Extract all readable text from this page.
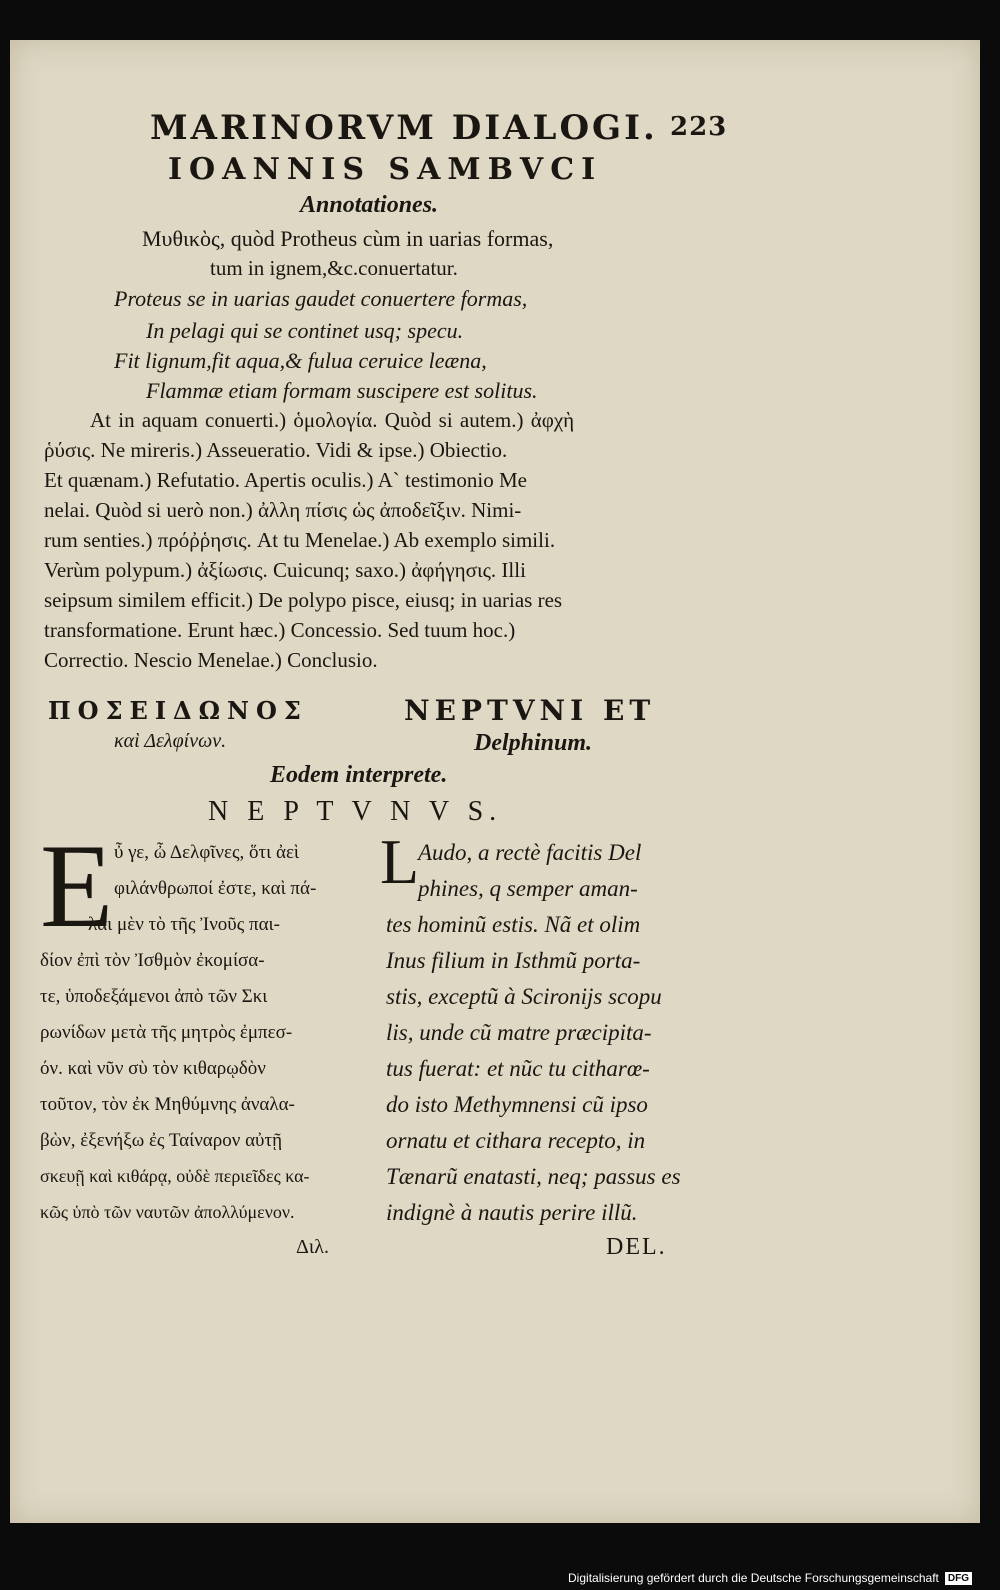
MARINORVM DIALOGI. 223
IOANNIS SAMBVCI
Annotationes.
Μυθικὸς, quòd Protheus cùm in uarias formas,
tum in ignem,&c.conuertatur.
Proteus se in uarias gaudet conuertere formas,
In pelagi qui se continet usq; specu.
Fit lignum,fit aqua,& fulua ceruice leæna,
Flammæ etiam formam suscipere est solitus.
At in aquam conuerti.) ὁμολογία. Quòd si autem.) ἀφχὴ
ῥύσις. Ne mireris.) Asseueratio. Vidi & ipse.) Obiectio.
Et quænam.) Refutatio. Apertis oculis.) A` testimonio Me
nelai. Quòd si uerò non.) ἀλλη πίσις ὡς ἀποδεῖξιν. Nimi-
rum senties.) πρόῤῥησις. At tu Menelae.) Ab exemplo simili.
Verùm polypum.) ἀξίωσις. Cuicunq; saxo.) ἀφήγησις. Illi
seipsum similem efficit.) De polypo pisce, eiusq; in uarias res
transformatione. Erunt hæc.) Concessio. Sed tuum hoc.)
Correctio. Nescio Menelae.) Conclusio.
ΠΟΣΕΙΔΩΝΟΣ
καὶ Δελφίνων.
NEPTVNI ET
Delphinum.
Eodem interprete.
N E P T V N V S.
E ὖ γε, ὦ Δελφῖνες, ὅτι ἀεὶ
φιλάνθρωποί ἐστε, καὶ πά-
λαι μὲν τὸ τῆς Ἰνοῦς παι-
δίον ἐπὶ τὸν Ἰσθμὸν ἐκομίσα-
τε, ὑποδεξάμενοι ἀπὸ τῶν Σκι
ρωνίδων μετὰ τῆς μητρὸς ἐμπεσ-
όν. καὶ νῦν σὺ τὸν κιθαρῳδὸν
τοῦτον, τὸν ἐκ Μηθύμνης ἀναλα-
βὼν, ἐξενήξω ἐς Ταίναρον αὐτῇ
σκευῇ καὶ κιθάρᾳ, οὐδὲ περιεῖδες κα-
κῶς ὑπὸ τῶν ναυτῶν ἀπολλύμενον.
Διλ.
L
Audo, a rectè facitis Del
phines, q semper aman-
tes hominũ estis. Nã et olim
Inus filium in Isthmũ porta-
stis, exceptũ à Scironijs scopu
lis, unde cũ matre præcipita-
tus fuerat: et nũc tu citharœ-
do isto Methymnensi cũ ipso
ornatu et cithara recepto, in
Tænarũ enatasti, neq; passus es
indignè à nautis perire illũ.
DEL.
Digitalisierung gefördert durch die Deutsche Forschungsgemeinschaft DFG
